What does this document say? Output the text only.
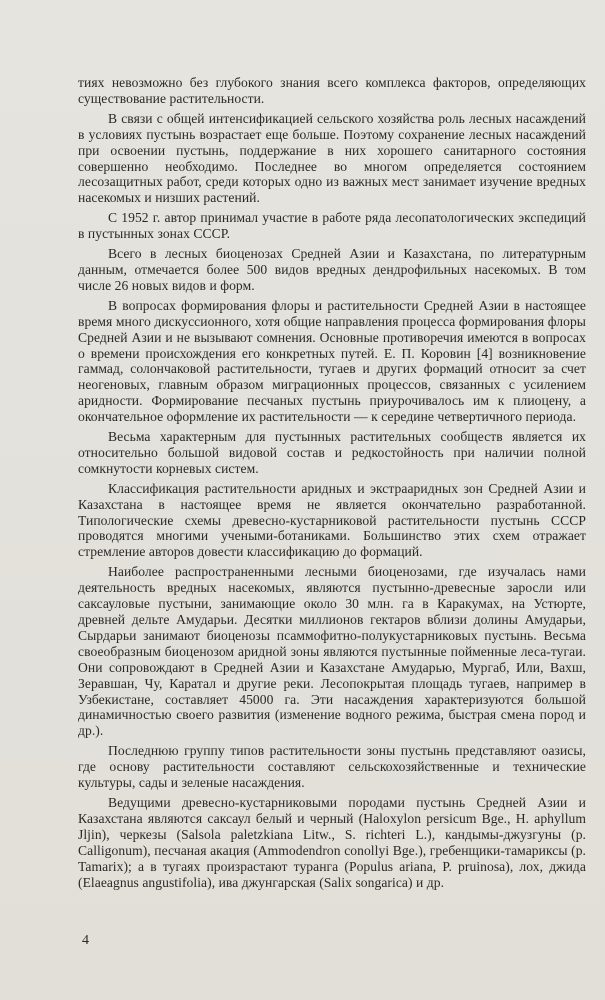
тиях невозможно без глубокого знания всего комплекса факторов, определяющих существование растительности.

В связи с общей интенсификацией сельского хозяйства роль лесных насаждений в условиях пустынь возрастает еще больше. Поэтому сохранение лесных насаждений при освоении пустынь, поддержание в них хорошего санитарного состояния совершенно необходимо. Последнее во многом определяется состоянием лесозащитных работ, среди которых одно из важных мест занимает изучение вредных насекомых и низших растений.

С 1952 г. автор принимал участие в работе ряда лесопатологических экспедиций в пустынных зонах СССР.

Всего в лесных биоценозах Средней Азии и Казахстана, по литературным данным, отмечается более 500 видов вредных дендрофильных насекомых. В том числе 26 новых видов и форм.

В вопросах формирования флоры и растительности Средней Азии в настоящее время много дискуссионного, хотя общие направления процесса формирования флоры Средней Азии и не вызывают сомнения. Основные противоречия имеются в вопросах о времени происхождения его конкретных путей. Е. П. Коровин [4] возникновение гаммад, солончаковой растительности, тугаев и других формаций относит за счет неогеновых, главным образом миграционных процессов, связанных с усилением аридности. Формирование песчаных пустынь приурочивалось им к плиоцену, а окончательное оформление их растительности — к середине четвертичного периода.

Весьма характерным для пустынных растительных сообществ является их относительно большой видовой состав и редкостойность при наличии полной сомкнутости корневых систем.

Классификация растительности аридных и экстрааридных зон Средней Азии и Казахстана в настоящее время не является окончательно разработанной. Типологические схемы древесно-кустарниковой растительности пустынь СССР проводятся многими учеными-ботаниками. Большинство этих схем отражает стремление авторов довести классификацию до формаций.

Наиболее распространенными лесными биоценозами, где изучалась нами деятельность вредных насекомых, являются пустынно-древесные заросли или саксауловые пустыни, занимающие около 30 млн. га в Каракумах, на Устюрте, древней дельте Амударьи. Десятки миллионов гектаров вблизи долины Амударьи, Сырдарьи занимают биоценозы псаммофитно-полукустарниковых пустынь. Весьма своеобразным биоценозом аридной зоны являются пустынные пойменные леса-тугаи. Они сопровождают в Средней Азии и Казахстане Амударью, Мургаб, Или, Вахш, Зеравшан, Чу, Каратал и другие реки. Лесопокрытая площадь тугаев, например в Узбекистане, составляет 45000 га. Эти насаждения характеризуются большой динамичностью своего развития (изменение водного режима, быстрая смена пород и др.).

Последнюю группу типов растительности зоны пустынь представляют оазисы, где основу растительности составляют сельскохозяйственные и технические культуры, сады и зеленые насаждения.

Ведущими древесно-кустарниковыми породами пустынь Средней Азии и Казахстана являются саксаул белый и черный (Haloxylon persicum Bge., H. aphyllum Jljin), черкезы (Salsola paletzkiana Litw., S. richteri L.), кандымы-джузгуны (р. Calligonum), песчаная акация (Ammodendron conollyi Bge.), гребенщики-тамариксы (р. Tamarix); а в тугаях произрастают туранга (Populus ariana, P. pruinosa), лох, джида (Elaeagnus angustifolia), ива джунгарская (Salix songarica) и др.

4
